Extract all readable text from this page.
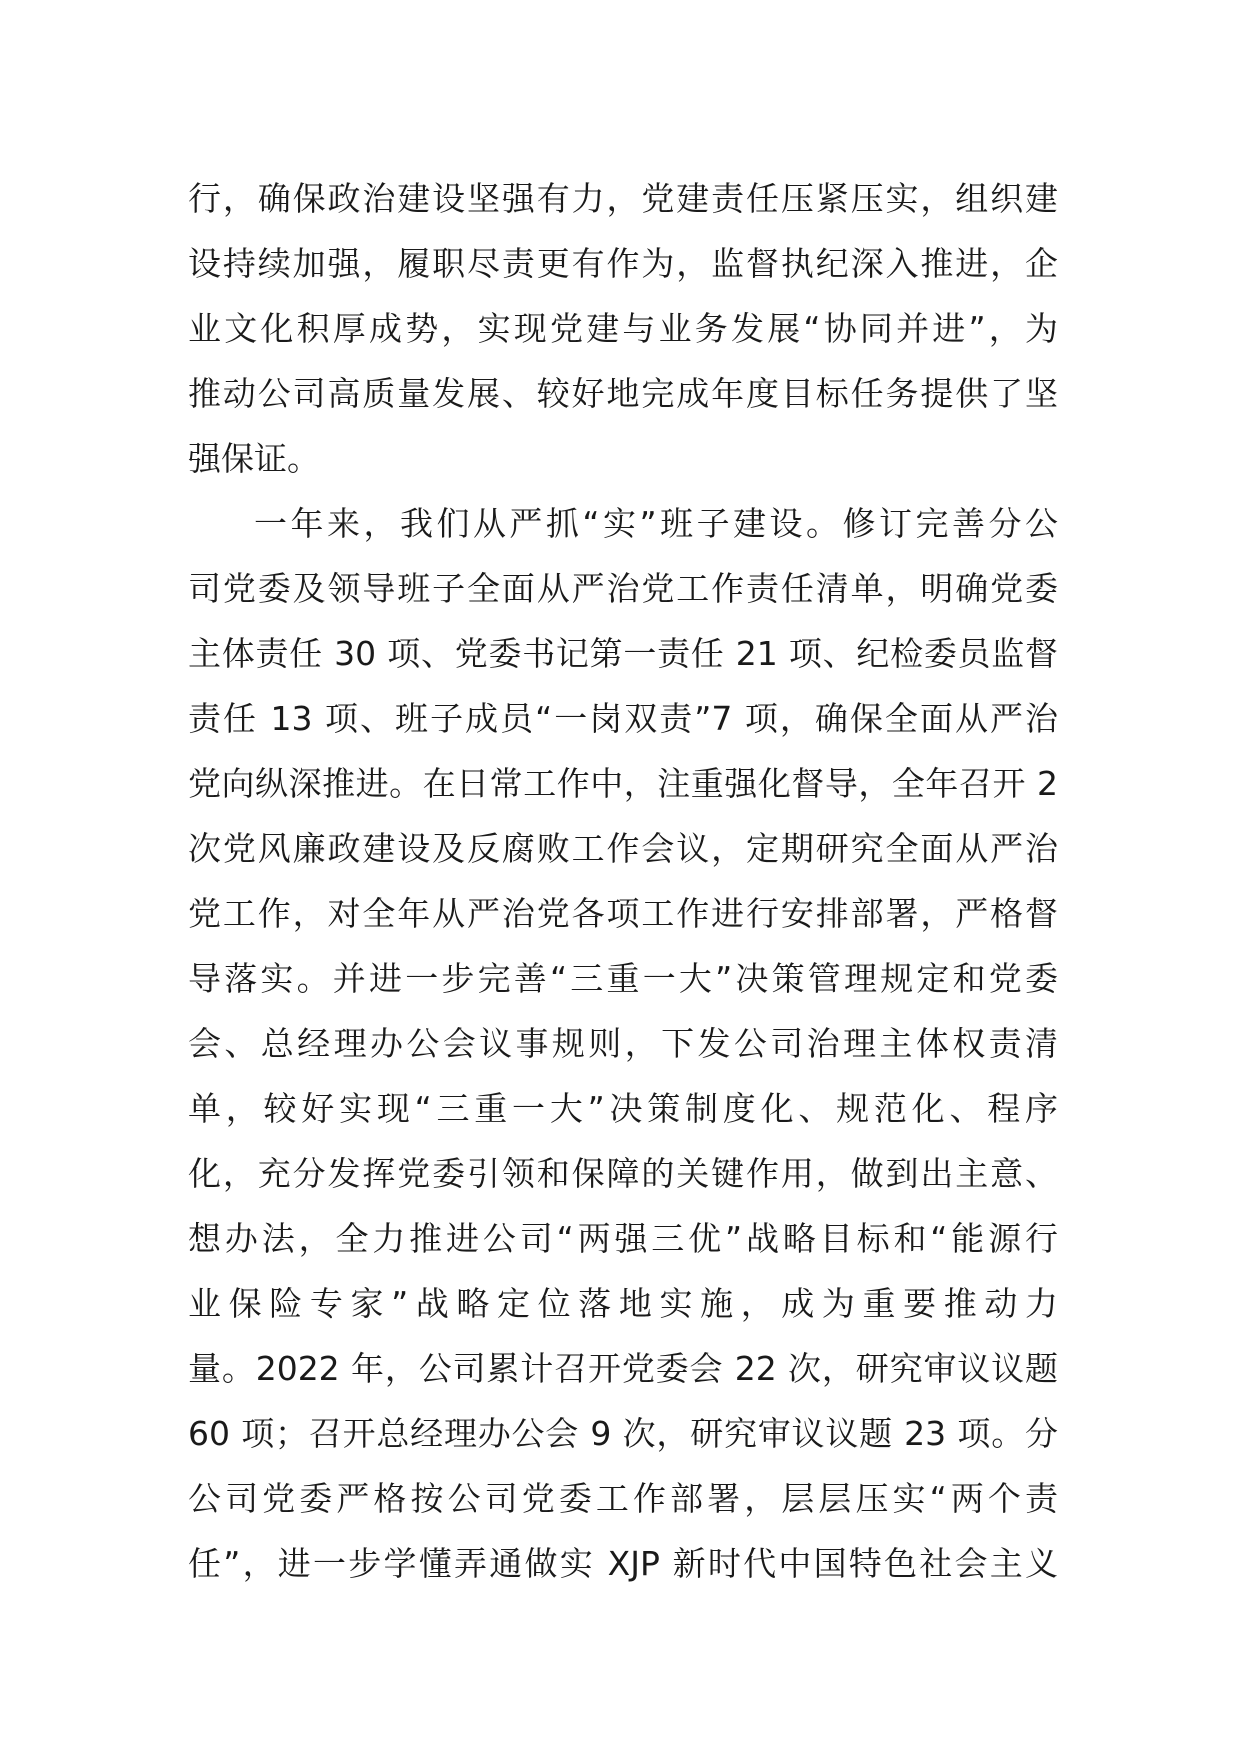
行，确保政治建设坚强有力，党建责任压紧压实，组织建
设持续加强，履职尽责更有作为，监督执纪深入推进，企
业文化积厚成势，实现党建与业务发展“协同并进”，为
推动公司高质量发展、较好地完成年度目标任务提供了坚
强保证。
一年来，我们从严抓“实”班子建设。修订完善分公
司党委及领导班子全面从严治党工作责任清单，明确党委
主体责任 30 项、党委书记第一责任 21 项、纪检委员监督
责任 13 项、班子成员“一岗双责”7 项，确保全面从严治
党向纵深推进。在日常工作中，注重强化督导，全年召开 2
次党风廉政建设及反腐败工作会议，定期研究全面从严治
党工作，对全年从严治党各项工作进行安排部署，严格督
导落实。并进一步完善“三重一大”决策管理规定和党委
会、总经理办公会议事规则，下发公司治理主体权责清
单，较好实现“三重一大”决策制度化、规范化、程序
化，充分发挥党委引领和保障的关键作用，做到出主意、
想办法，全力推进公司“两强三优”战略目标和“能源行
业保险专家”战略定位落地实施，成为重要推动力
量。2022 年，公司累计召开党委会 22 次，研究审议议题
60 项；召开总经理办公会 9 次，研究审议议题 23 项。分
公司党委严格按公司党委工作部署，层层压实“两个责
任”，进一步学懂弄通做实 XJP 新时代中国特色社会主义
